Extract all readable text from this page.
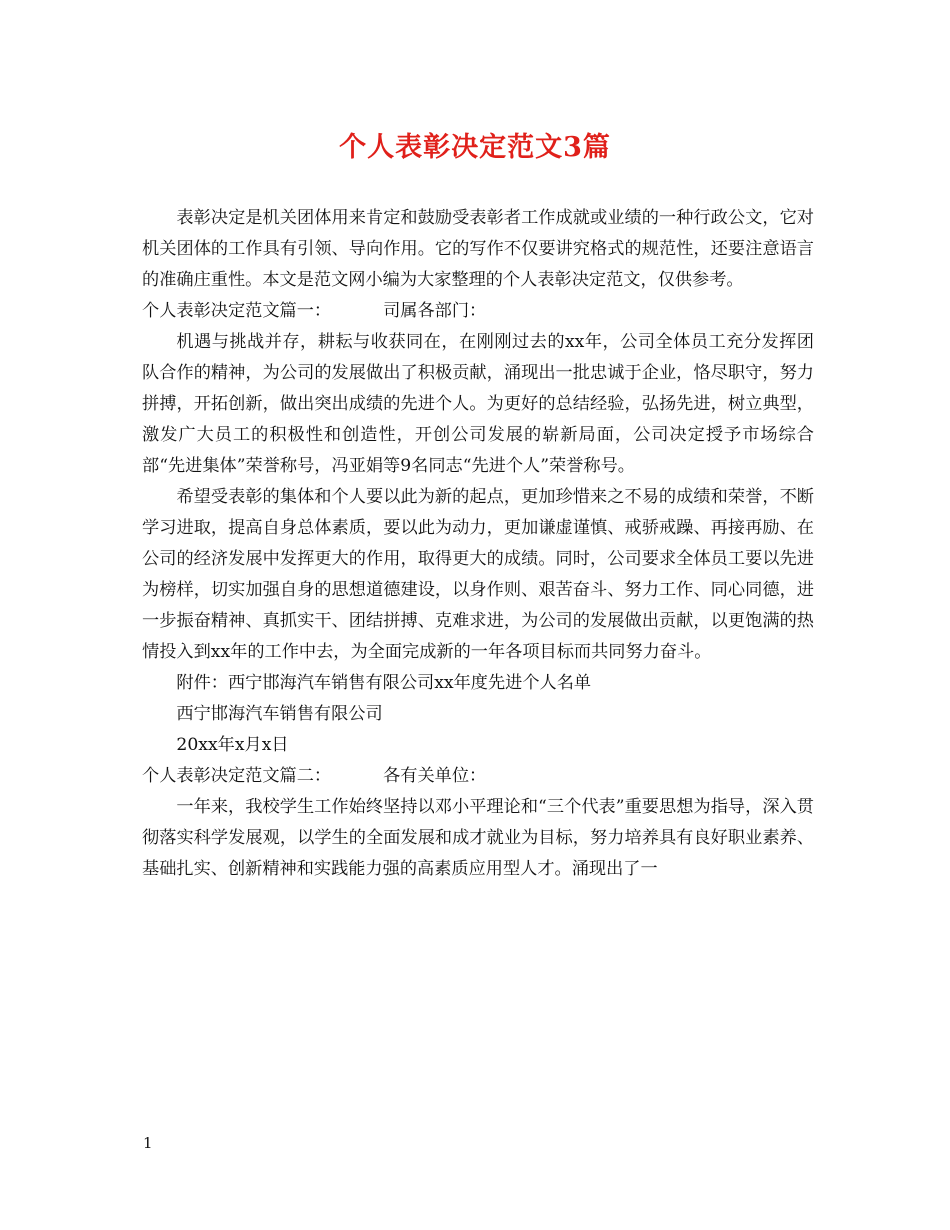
个人表彰决定范文3篇

表彰决定是机关团体用来肯定和鼓励受表彰者工作成就或业绩的一种行政公文，它对机关团体的工作具有引领、导向作用。它的写作不仅要讲究格式的规范性，还要注意语言的准确庄重性。本文是范文网小编为大家整理的个人表彰决定范文，仅供参考。

个人表彰决定范文篇一：	司属各部门：

机遇与挑战并存，耕耘与收获同在，在刚刚过去的xx年，公司全体员工充分发挥团队合作的精神，为公司的发展做出了积极贡献，涌现出一批忠诚于企业，恪尽职守，努力拼搏，开拓创新，做出突出成绩的先进个人。为更好的总结经验，弘扬先进，树立典型，激发广大员工的积极性和创造性，开创公司发展的崭新局面，公司决定授予市场综合部“先进集体”荣誉称号，冯亚娟等9名同志“先进个人”荣誉称号。

希望受表彰的集体和个人要以此为新的起点，更加珍惜来之不易的成绩和荣誉，不断学习进取，提高自身总体素质，要以此为动力，更加谦虚谨慎、戒骄戒躁、再接再励、在公司的经济发展中发挥更大的作用，取得更大的成绩。同时，公司要求全体员工要以先进为榜样，切实加强自身的思想道德建设，以身作则、艰苦奋斗、努力工作、同心同德，进一步振奋精神、真抓实干、团结拼搏、克难求进，为公司的发展做出贡献，以更饱满的热情投入到xx年的工作中去，为全面完成新的一年各项目标而共同努力奋斗。

附件：西宁邯海汽车销售有限公司xx年度先进个人名单

西宁邯海汽车销售有限公司

20xx年x月x日

个人表彰决定范文篇二：	各有关单位：

一年来，我校学生工作始终坚持以邓小平理论和“三个代表”重要思想为指导，深入贯彻落实科学发展观，以学生的全面发展和成才就业为目标，努力培养具有良好职业素养、基础扎实、创新精神和实践能力强的高素质应用型人才。涌现出了一

1
